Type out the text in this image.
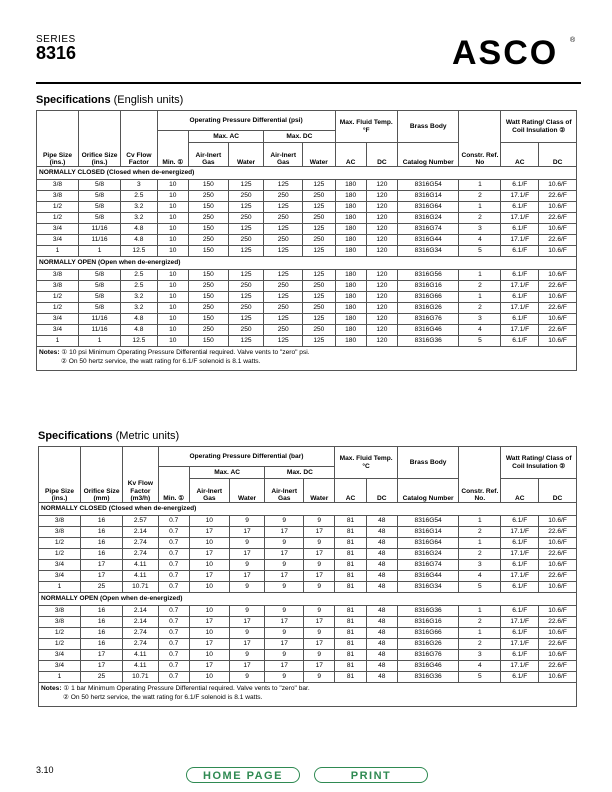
SERIES
8316	ASCO ®
Specifications (English units)
Pipe Size (ins.)	Orifice Size (ins.)	Cv Flow Factor	Operating Pressure Differential (psi)					Max. Fluid Temp. °F		Brass Body	Constr. Ref. No	Watt Rating/ Class of Coil Insulation ②	
			Min. ①	Max. AC		Max. DC							
				Air-Inert Gas	Water	Air-Inert Gas	Water	AC	DC	Catalog Number		AC	DC
NORMALLY CLOSED (Closed when de-energized)													
3/8	5/8	3	10	150	125	125	125	180	120	8316G54	1	6.1/F	10.6/F
3/8	5/8	2.5	10	250	250	250	250	180	120	8316G14	2	17.1/F	22.6/F
1/2	5/8	3.2	10	150	125	125	125	180	120	8316G64	1	6.1/F	10.6/F
1/2	5/8	3.2	10	250	250	250	250	180	120	8316G24	2	17.1/F	22.6/F
3/4	11/16	4.8	10	150	125	125	125	180	120	8316G74	3	6.1/F	10.6/F
3/4	11/16	4.8	10	250	250	250	250	180	120	8316G44	4	17.1/F	22.6/F
1	1	12.5	10	150	125	125	125	180	120	8316G34	5	6.1/F	10.6/F
NORMALLY OPEN (Open when de-energized)													
3/8	5/8	2.5	10	150	125	125	125	180	120	8316G56	1	6.1/F	10.6/F
3/8	5/8	2.5	10	250	250	250	250	180	120	8316G16	2	17.1/F	22.6/F
1/2	5/8	3.2	10	150	125	125	125	180	120	8316G66	1	6.1/F	10.6/F
1/2	5/8	3.2	10	250	250	250	250	180	120	8316G26	2	17.1/F	22.6/F
3/4	11/16	4.8	10	150	125	125	125	180	120	8316G76	3	6.1/F	10.6/F
3/4	11/16	4.8	10	250	250	250	250	180	120	8316G46	4	17.1/F	22.6/F
1	1	12.5	10	150	125	125	125	180	120	8316G36	5	6.1/F	10.6/F
Notes: ① 10 psi Minimum Operating Pressure Differential required. Valve vents to "zero" psi.
② On 50 hertz service, the watt rating for 6.1/F solenoid is 8.1 watts.													
Specifications (Metric units)
Pipe Size (ins.)	Orifice Size (mm)	Kv Flow Factor (m3/h)	Operating Pressure Differential (bar)					Max. Fluid Temp. °C		Brass Body	Constr. Ref. No.	Watt Rating/ Class of Coil Insulation ②	
			Min. ①	Max. AC		Max. DC							
				Air-Inert Gas	Water	Air-Inert Gas	Water	AC	DC	Catalog Number		AC	DC
NORMALLY CLOSED (Closed when de-energized)													
3/8	16	2.57	0.7	10	9	9	9	81	48	8316G54	1	6.1/F	10.6/F
3/8	16	2.14	0.7	17	17	17	17	81	48	8316G14	2	17.1/F	22.6/F
1/2	16	2.74	0.7	10	9	9	9	81	48	8316G64	1	6.1/F	10.6/F
1/2	16	2.74	0.7	17	17	17	17	81	48	8316G24	2	17.1/F	22.6/F
3/4	17	4.11	0.7	10	9	9	9	81	48	8316G74	3	6.1/F	10.6/F
3/4	17	4.11	0.7	17	17	17	17	81	48	8316G44	4	17.1/F	22.6/F
1	25	10.71	0.7	10	9	9	9	81	48	8316G34	5	6.1/F	10.6/F
NORMALLY OPEN (Open when de-energized)													
3/8	16	2.14	0.7	10	9	9	9	81	48	8316G36	1	6.1/F	10.6/F
3/8	16	2.14	0.7	17	17	17	17	81	48	8316G16	2	17.1/F	22.6/F
1/2	16	2.74	0.7	10	9	9	9	81	48	8316G66	1	6.1/F	10.6/F
1/2	16	2.74	0.7	17	17	17	17	81	48	8316G26	2	17.1/F	22.6/F
3/4	17	4.11	0.7	10	9	9	9	81	48	8316G76	3	6.1/F	10.6/F
3/4	17	4.11	0.7	17	17	17	17	81	48	8316G46	4	17.1/F	22.6/F
1	25	10.71	0.7	10	9	9	9	81	48	8316G36	5	6.1/F	10.6/F
Notes: ① 1 bar Minimum Operating Pressure Differential required. Valve vents to "zero" bar.
② On 50 hertz service, the watt rating for 6.1/F solenoid is 8.1 watts.													
3.10	HOME PAGE	PRINT
